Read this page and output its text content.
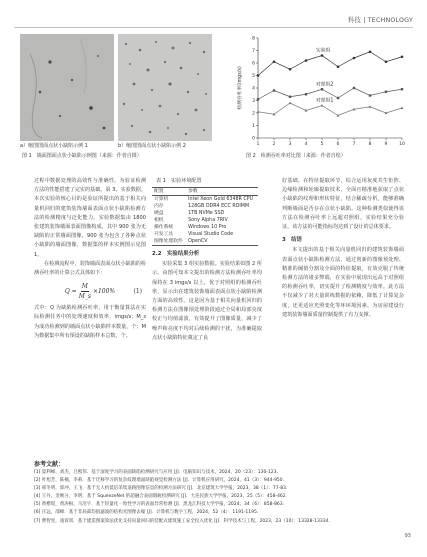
科技 | TECHNOLOGY
a）缩图图面点状小缺陷示例 1	b）缩图图面点状小缺陷示例 2
图 1　墙面图面点状小缺陷示例图（来源：作者自摄）
0
1
2
3
4
5
6
7
8
1	2	3	4	5	6	7	8	9	10
检测吞吐率(imgs/s)
实验组
对照组2
对照组1
图 2　检测吞吐率对比图（来源：作者自绘）

过程中数据处理的高效性与准确性。为验证检测方法的性能搭建了完实的基础。第 3、实验数据。本次实验的核心目的是验证所提出的基于相关向量机回归的建筑装饰墙面表面点状小缺陷检测方法的检测精度与泛化能力。实验数据集由 1800 张建筑装饰墙面表面图像构成，其中 900 张为无缺陷的正常墙面图像，900 张为包含了各种点状小缺陷的墙面图像，数据集的样本实例图示见图 1。

在检测流程中，装饰墙面表面点状小缺陷的检测吞吐率的计算公式具体如下：

$Q = \frac{M}{M\_s} \times 100\%$	(1)

式中：Q 为缺陷检测吞吐率，用于衡量算法在实际检测任务中的处理速度和效率，imgs/s；M_s 为成功检测到的墙面点状小缺陷样本数量，个；M 为数据集中所有预设的缺陷样本总数，个。

表 1　实验环境配置
配置	参数
计算机	Intel Xeon Gold 6348R CPU
内存	128GB DDR4 ECC RDIMM
硬盘	1TB NVMe SSD
相机	Sony Alpha 7RIV
操作系统	Windows 10 Pro
开发工具	Visual Studio Code
图像处理软件	OpenCV
2.2　实验结果分析

实验采集 3 组实验数据。实验结果如图 2 所示。由图可知本文提出的检测方法检测吞吐率均保持在 3 imgs/s 以上，优于对照组的检测吞吐率，显示出在建筑装饰墙面表面点状小缺陷检测方面的高效性。这是因为基于相关向量机回归的检测方法在图像预处理阶段通过全局和局部亮度校正与均值滤波，有效提升了图像质量，减少了噪声和亮度不均对后续检测的干扰，为准确提取点状小缺陷特征奠定了良

好基础。在特征提取环节，综合运用灰度共生矩阵、边缘检测和轮廓提取技术，全面且精准地获取了点状小缺陷的纹理和形状特征，结合稀疏分析，能够准确判断墙面是否存在点状小缺陷。这种检测类似使得该方法在检测吞吐率上远超对照组。实验结果充分验证。该方法的可能指标均达到了设计的总体要求。

3　结语

本文提出的基于相关向量机回归的建筑装饰墙面表面点状小缺陷检测方法，通过创新的图像预处理、精准的阈值分割及全面的特征提取，有效克服了传统检测方法的诸多弊端，在实验中展现出远高于对照组的检测吞吐率，切实提升了检测精度与效率。此方法不仅减少了对大量训练数据的依赖，降低了计算复杂度，还更适应光照变化等环环境因素。为房屋建设行建筑装饰墙面质量控制提供了有力支撑。

参考文献：
[1] 夏利峰，刘杰，吕熙伟．基于深度学习的表面缺陷检测研究与应用 [J]．电脑知识与技术，2024，20（23）：130-123.
[2] 叶旭芳，陈楠，李莉．基于迁移学习的复杂纹理墙面缺陷视觉检测方法 [J]．计算机应用研究，2024，41（3）：944-950.
[3] 邢冬明，郭冲，王飞．基于无人机低倍采集道路图像信息的检测方法研究 [J]．北京建筑大学学报，2023，38（1）：77-83.
[4] 王丹，金映分，李明．基于 SqueezeNet 的超融合表面瑕疵检测研究 [J]．大连民族大学学报，2023，25（5）：458-462.
[5] 黄楷堤，黄涛根，马浩宇．基于轻量化一致性学习的表面异常检测 [J]．黑龙江科技大学学报，2024，34（6）：858-863.
[6] 庄远，邵峰．基于非局部均值滤波的结构光图像去噪 [J]．计算机与数字工程，2024，52（4）：1191-1195.
[7] 曹智宪，凌霄霄．基于建造图案算法优化支持向量回归的装配式建筑施工安全投入优化 [J]．科学技术与工程，2023，23（10）：13328-13334.
93
